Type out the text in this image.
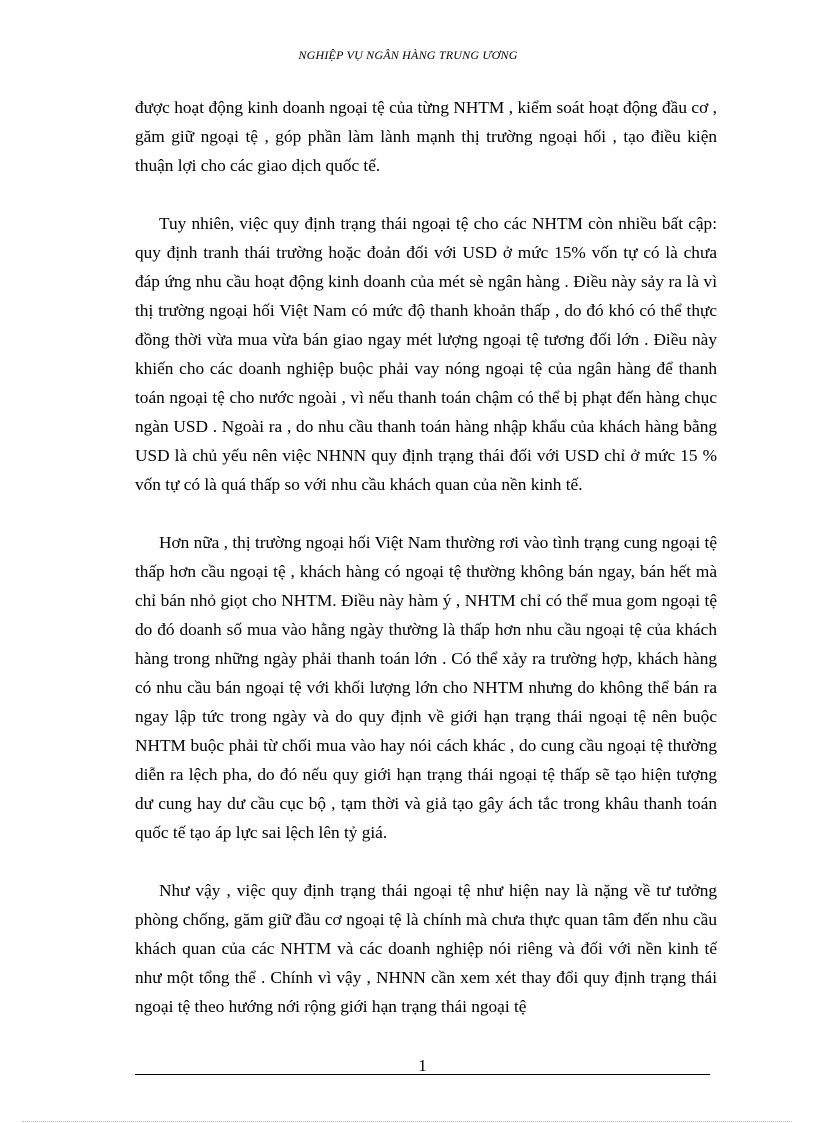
NGHIỆP VỤ NGÂN HÀNG TRUNG ƯƠNG

được hoạt động kinh doanh ngoại tệ của từng NHTM , kiểm soát hoạt động đầu cơ , găm giữ ngoại tệ , góp phần làm lành mạnh thị trường ngoại hối , tạo điều kiện thuận lợi cho các giao dịch quốc tế.

Tuy nhiên, việc quy định trạng thái ngoại tệ cho các NHTM còn nhiều bất cập: quy định tranh thái trường hoặc đoản đối với USD ở mức 15% vốn tự có là chưa đáp ứng nhu cầu hoạt động kinh doanh của mét sè ngân hàng . Điều này sảy ra là vì thị trường ngoại hối Việt Nam có mức độ thanh khoản thấp , do đó khó có thể thực đồng thời vừa mua vừa bán giao ngay mét lượng ngoại tệ tương đối lớn . Điều này khiến cho các doanh nghiệp buộc phải vay nóng ngoại tệ của ngân hàng để thanh toán ngoại tệ cho nước ngoài , vì nếu thanh toán chậm có thể bị phạt đến hàng chục ngàn USD . Ngoài ra , do nhu cầu thanh toán hàng nhập khẩu của khách hàng bằng USD là chủ yếu nên việc NHNN quy định trạng thái đối với USD chỉ ở mức 15 % vốn tự có là quá thấp so với nhu cầu khách quan của nền kinh tế.

Hơn nữa , thị trường ngoại hối Việt Nam thường rơi vào tình trạng cung ngoại tệ thấp hơn cầu ngoại tệ , khách hàng có ngoại tệ thường không bán ngay, bán hết mà chỉ bán nhỏ giọt cho NHTM. Điều này hàm ý , NHTM chỉ có thể mua gom ngoại tệ do đó doanh số mua vào hằng ngày thường là thấp hơn nhu cầu ngoại tệ của khách hàng trong những ngày phải thanh toán lớn . Có thể xảy ra trường hợp, khách hàng có nhu cầu bán ngoại tệ với khối lượng lớn cho NHTM nhưng do không thể bán ra ngay lập tức trong ngày và do quy định về giới hạn trạng thái ngoại tệ nên buộc NHTM buộc phải từ chối mua vào hay nói cách khác , do cung cầu ngoại tệ thường diễn ra lệch pha, do đó nếu quy giới hạn trạng thái ngoại tệ thấp sẽ tạo hiện tượng dư cung hay dư cầu cục bộ , tạm thời và giả tạo gây ách tắc trong khâu thanh toán quốc tế tạo áp lực sai lệch lên tỷ giá.

Như vậy , việc quy định trạng thái ngoại tệ như hiện nay là nặng về tư tưởng phòng chống, găm giữ đầu cơ ngoại tệ là chính mà chưa thực quan tâm đến nhu cầu khách quan của các NHTM và các doanh nghiệp nói riêng và đối với nền kinh tế như một tổng thể . Chính vì vậy , NHNN cần xem xét thay đổi quy định trạng thái ngoại tệ theo hướng nới rộng giới hạn trạng thái ngoại tệ

1
